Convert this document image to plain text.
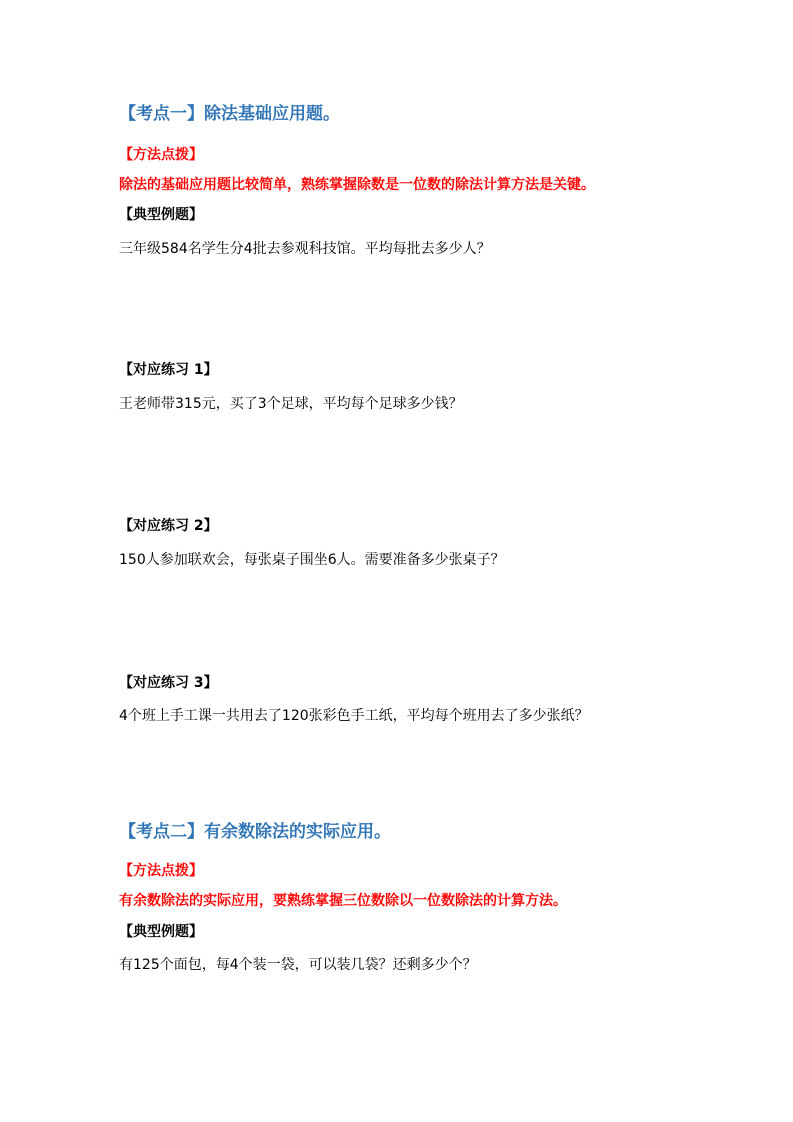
【考点一】除法基础应用题。
【方法点拨】
除法的基础应用题比较简单，熟练掌握除数是一位数的除法计算方法是关键。
【典型例题】
三年级584名学生分4批去参观科技馆。平均每批去多少人？
【对应练习 1】
王老师带315元，买了3个足球，平均每个足球多少钱？
【对应练习 2】
150人参加联欢会，每张桌子围坐6人。需要准备多少张桌子？
【对应练习 3】
4个班上手工课一共用去了120张彩色手工纸，平均每个班用去了多少张纸？
【考点二】有余数除法的实际应用。
【方法点拨】
有余数除法的实际应用，要熟练掌握三位数除以一位数除法的计算方法。
【典型例题】
有125个面包，每4个装一袋，可以装几袋？还剩多少个？
